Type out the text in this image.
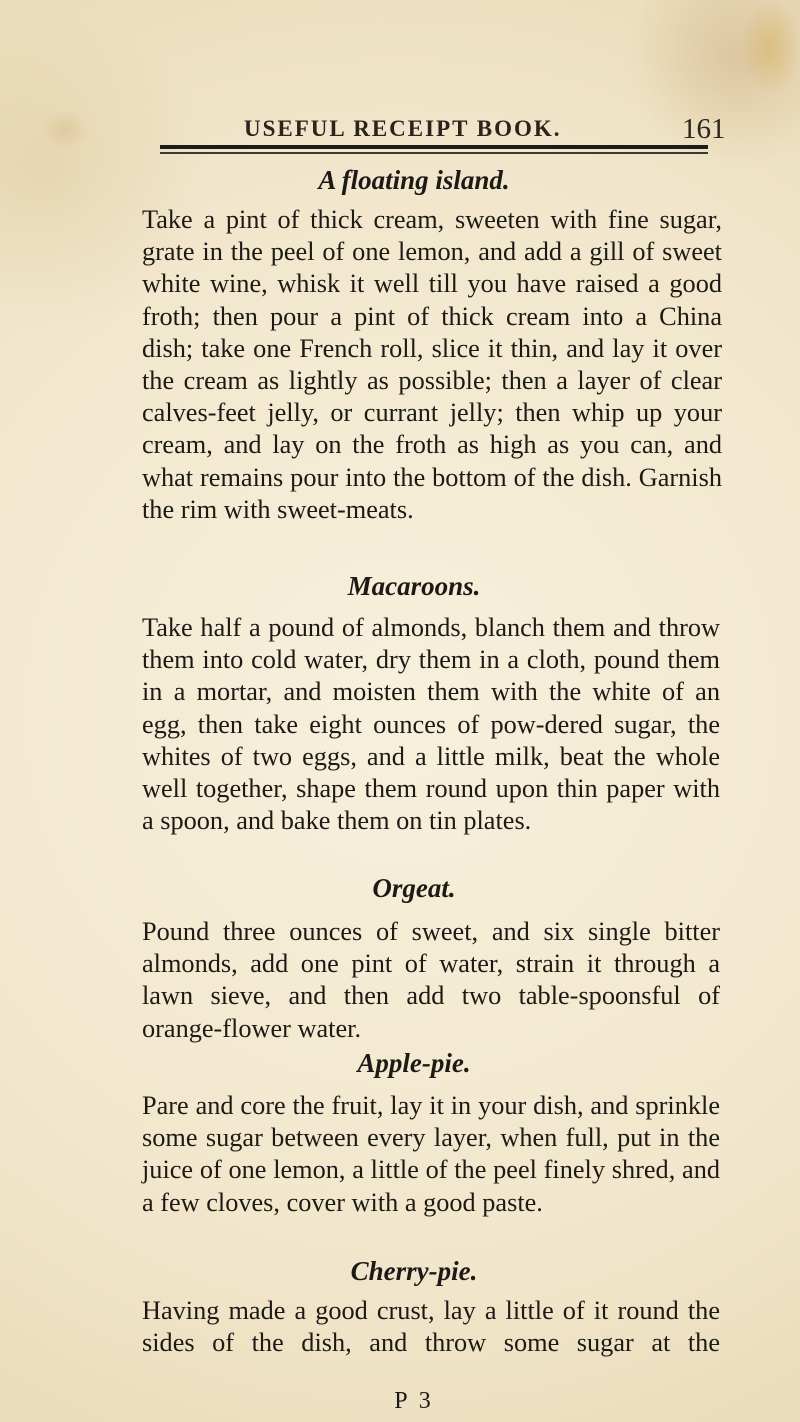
USEFUL RECEIPT BOOK.	161
A floating island.

Take a pint of thick cream, sweeten with fine sugar, grate in the peel of one lemon, and add a gill of sweet white wine, whisk it well till you have raised a good froth; then pour a pint of thick cream into a China dish; take one French roll, slice it thin, and lay it over the cream as lightly as possible; then a layer of clear calves-feet jelly, or currant jelly; then whip up your cream, and lay on the froth as high as you can, and what remains pour into the bottom of the dish. Garnish the rim with sweet-meats.

Macaroons.

Take half a pound of almonds, blanch them and throw them into cold water, dry them in a cloth, pound them in a mortar, and moisten them with the white of an egg, then take eight ounces of pow-dered sugar, the whites of two eggs, and a little milk, beat the whole well together, shape them round upon thin paper with a spoon, and bake them on tin plates.

Orgeat.

Pound three ounces of sweet, and six single bitter almonds, add one pint of water, strain it through a lawn sieve, and then add two table-spoonsful of orange-flower water.

Apple-pie.

Pare and core the fruit, lay it in your dish, and sprinkle some sugar between every layer, when full, put in the juice of one lemon, a little of the peel finely shred, and a few cloves, cover with a good paste.

Cherry-pie.

Having made a good crust, lay a little of it round the sides of the dish, and throw some sugar at the

P 3
